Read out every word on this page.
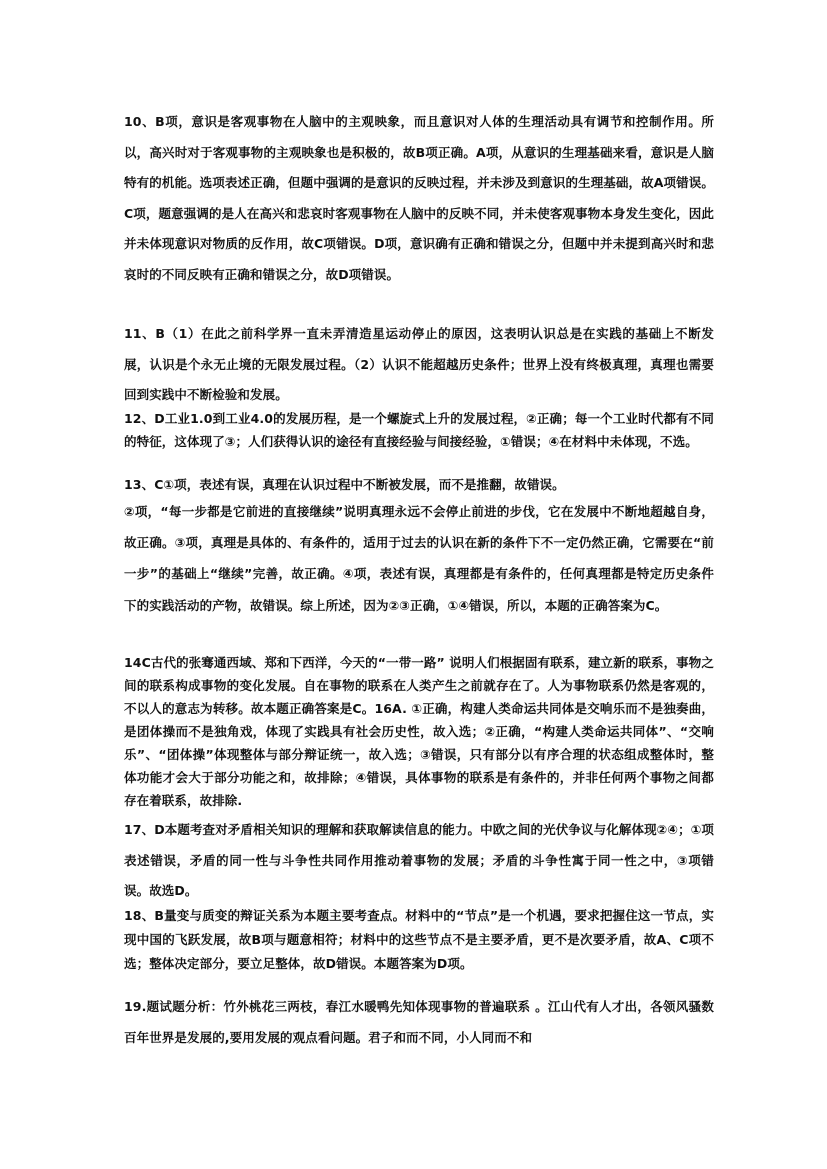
10、B项，意识是客观事物在人脑中的主观映象，而且意识对人体的生理活动具有调节和控制作用。所以，高兴时对于客观事物的主观映象也是积极的，故B项正确。A项，从意识的生理基础来看，意识是人脑特有的机能。选项表述正确，但题中强调的是意识的反映过程，并未涉及到意识的生理基础，故A项错误。C项，题意强调的是人在高兴和悲哀时客观事物在人脑中的反映不同，并未使客观事物本身发生变化，因此并未体现意识对物质的反作用，故C项错误。D项，意识确有正确和错误之分，但题中并未提到高兴时和悲哀时的不同反映有正确和错误之分，故D项错误。

11、B（1）在此之前科学界一直未弄清造星运动停止的原因，这表明认识总是在实践的基础上不断发展，认识是个永无止境的无限发展过程。（2）认识不能超越历史条件；世界上没有终极真理，真理也需要回到实践中不断检验和发展。

12、D工业1.0到工业4.0的发展历程，是一个螺旋式上升的发展过程，②正确；每一个工业时代都有不同的特征，这体现了③；人们获得认识的途径有直接经验与间接经验，①错误；④在材料中未体现，不选。

13、C①项，表述有误，真理在认识过程中不断被发展，而不是推翻，故错误。

②项，“每一步都是它前进的直接继续”说明真理永远不会停止前进的步伐，它在发展中不断地超越自身，故正确。③项，真理是具体的、有条件的，适用于过去的认识在新的条件下不一定仍然正确，它需要在“前一步”的基础上“继续”完善，故正确。④项，表述有误，真理都是有条件的，任何真理都是特定历史条件下的实践活动的产物，故错误。综上所述，因为②③正确，①④错误，所以，本题的正确答案为C。

14C古代的张骞通西域、郑和下西洋，今天的“一带一路” 说明人们根据固有联系，建立新的联系，事物之间的联系构成事物的变化发展。自在事物的联系在人类产生之前就存在了。人为事物联系仍然是客观的，不以人的意志为转移。故本题正确答案是C。16A. ①正确，构建人类命运共同体是交响乐而不是独奏曲，是团体操而不是独角戏，体现了实践具有社会历史性，故入选；②正确，“构建人类命运共同体”、“交响乐”、“团体操”体现整体与部分辩证统一，故入选；③错误，只有部分以有序合理的状态组成整体时，整体功能才会大于部分功能之和，故排除；④错误，具体事物的联系是有条件的，并非任何两个事物之间都存在着联系，故排除.

17、D本题考查对矛盾相关知识的理解和获取解读信息的能力。中欧之间的光伏争议与化解体现②④；①项表述错误，矛盾的同一性与斗争性共同作用推动着事物的发展；矛盾的斗争性寓于同一性之中，③项错误。故选D。

18、B量变与质变的辩证关系为本题主要考查点。材料中的“节点”是一个机遇，要求把握住这一节点，实现中国的飞跃发展，故B项与题意相符；材料中的这些节点不是主要矛盾，更不是次要矛盾，故A、C项不选；整体决定部分，要立足整体，故D错误。本题答案为D项。

19.题试题分析：竹外桃花三两枝，春江水暖鸭先知体现事物的普遍联系 。江山代有人才出，各领风骚数百年世界是发展的,要用发展的观点看问题。君子和而不同，小人同而不和
